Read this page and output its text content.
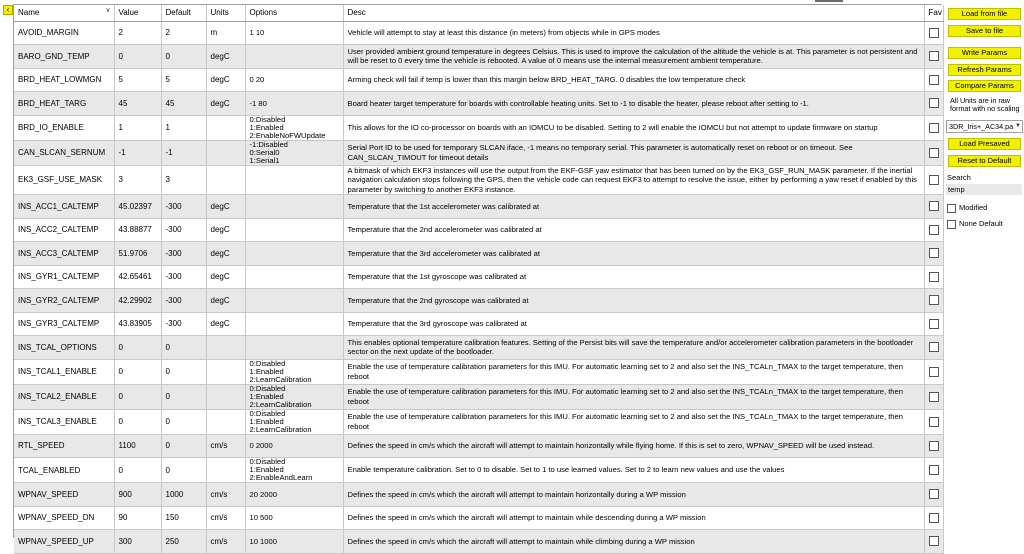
‹	Name ∨	Value	Default	Units	Options	Desc	Fav
AVOID_MARGIN	2	2	m	1 10	Vehicle will attempt to stay at least this distance (in meters) from objects while in GPS modes	
BARO_GND_TEMP	0	0	degC		User provided ambient ground temperature in degrees Celsius. This is used to improve the calculation of the altitude the vehicle is at. This parameter is not persistent and will be reset to 0 every time the vehicle is rebooted. A value of 0 means use the internal measurement ambient temperature.	
BRD_HEAT_LOWMGN	5	5	degC	0 20	Arming check will fail if temp is lower than this margin below BRD_HEAT_TARG. 0 disables the low temperature check	
BRD_HEAT_TARG	45	45	degC	-1 80	Board heater target temperature for boards with controllable heating units. Set to -1 to disable the heater, please reboot after setting to -1.	
BRD_IO_ENABLE	1	1		0:Disabled
1:Enabled
2:EnableNoFWUpdate	This allows for the IO co-processor on boards with an IOMCU to be disabled. Setting to 2 will enable the IOMCU but not attempt to update firmware on startup	
CAN_SLCAN_SERNUM	-1	-1		-1:Disabled
0:Serial0
1:Serial1	Serial Port ID to be used for temporary SLCAN iface, -1 means no temporary serial. This parameter is automatically reset on reboot or on timeout. See CAN_SLCAN_TIMOUT for timeout details	
EK3_GSF_USE_MASK	3	3			A bitmask of which EKF3 instances will use the output from the EKF-GSF yaw estimator that has been turned on by the EK3_GSF_RUN_MASK parameter. If the inertial navigation calculation stops following the GPS, then the vehicle code can request EKF3 to attempt to resolve the issue, either by performing a yaw reset if enabled by this parameter by switching to another EKF3 instance.	
INS_ACC1_CALTEMP	45.02397	-300	degC		Temperature that the 1st accelerometer was calibrated at	
INS_ACC2_CALTEMP	43.88877	-300	degC		Temperature that the 2nd accelerometer was calibrated at	
INS_ACC3_CALTEMP	51.9706	-300	degC		Temperature that the 3rd accelerometer was calibrated at	
INS_GYR1_CALTEMP	42.65461	-300	degC		Temperature that the 1st gyroscope was calibrated at	
INS_GYR2_CALTEMP	42.29902	-300	degC		Temperature that the 2nd gyroscope was calibrated at	
INS_GYR3_CALTEMP	43.83905	-300	degC		Temperature that the 3rd gyroscope was calibrated at	
INS_TCAL_OPTIONS	0	0			This enables optional temperature calibration features. Setting of the Persist bits will save the temperature and/or accelerometer calibration parameters in the bootloader sector on the next update of the bootloader.	
INS_TCAL1_ENABLE	0	0		0:Disabled
1:Enabled
2:LearnCalibration	Enable the use of temperature calibration parameters for this IMU. For automatic learning set to 2 and also set the INS_TCALn_TMAX to the target temperature, then reboot	
INS_TCAL2_ENABLE	0	0		0:Disabled
1:Enabled
2:LearnCalibration	Enable the use of temperature calibration parameters for this IMU. For automatic learning set to 2 and also set the INS_TCALn_TMAX to the target temperature, then reboot	
INS_TCAL3_ENABLE	0	0		0:Disabled
1:Enabled
2:LearnCalibration	Enable the use of temperature calibration parameters for this IMU. For automatic learning set to 2 and also set the INS_TCALn_TMAX to the target temperature, then reboot	
RTL_SPEED	1100	0	cm/s	0 2000	Defines the speed in cm/s which the aircraft will attempt to maintain horizontally while flying home. If this is set to zero, WPNAV_SPEED will be used instead.	
TCAL_ENABLED	0	0		0:Disabled
1:Enabled
2:EnableAndLearn	Enable temperature calibration. Set to 0 to disable. Set to 1 to use learned values. Set to 2 to learn new values and use the values	
WPNAV_SPEED	900	1000	cm/s	20 2000	Defines the speed in cm/s which the aircraft will attempt to maintain horizontally during a WP mission	
WPNAV_SPEED_DN	90	150	cm/s	10 500	Defines the speed in cm/s which the aircraft will attempt to maintain while descending during a WP mission	
WPNAV_SPEED_UP	300	250	cm/s	10 1000	Defines the speed in cm/s which the aircraft will attempt to maintain while climbing during a WP mission	
Load from file
Save to file
Write Params
Refresh Params
Compare Params
All Units are in raw format with no scaling
3DR_Iris+_AC34.pa ▼
Load Presaved
Reset to Default
Search
temp
Modified
None Default
